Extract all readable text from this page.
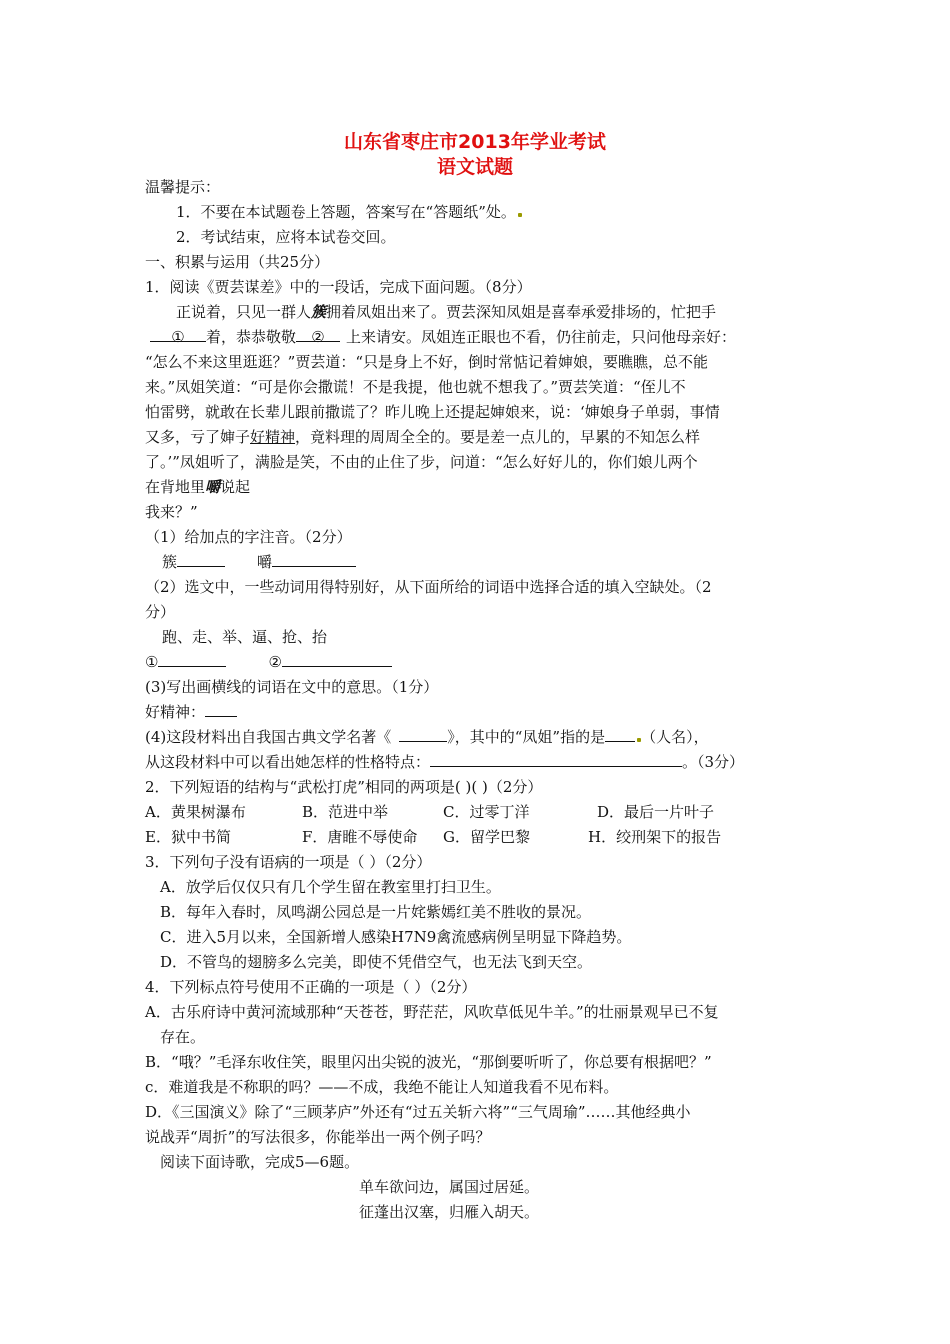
山东省枣庄市2013年学业考试
语文试题
温馨提示：
1．不要在本试题卷上答题，答案写在“答题纸”处。
2．考试结束，应将本试卷交回。
一、积累与运用（共25分）
1．阅读《贾芸谋差》中的一段话，完成下面问题。（8分）
正说着，只见一群人簇拥着凤姐出来了。贾芸深知凤姐是喜奉承爱排场的，忙把手
① 着，恭恭敬敬 ② 上来请安。凤姐连正眼也不看，仍往前走，只问他母亲好：
“怎么不来这里逛逛？”贾芸道：“只是身上不好，倒时常惦记着婶娘，要瞧瞧，总不能
来。”凤姐笑道：“可是你会撒谎！不是我提，他也就不想我了。”贾芸笑道：“侄儿不
怕雷劈，就敢在长辈儿跟前撒谎了？昨儿晚上还提起婶娘来，说：‘婶娘身子单弱，事情
又多，亏了婶子好精神，竟料理的周周全全的。要是差一点儿的，早累的不知怎么样
了。’”凤姐听了，满脸是笑，不由的止住了步，问道：“怎么好好儿的，你们娘儿两个
在背地里嚼说起
我来？”
（1）给加点的字注音。（2分）
簇	嚼
（2）选文中，一些动词用得特别好，从下面所给的词语中选择合适的填入空缺处。（2
分）
跑、走、举、逼、抢、抬
①	②
(3)写出画横线的词语在文中的意思。（1分）
好精神：
(4)这段材料出自我国古典文学名著《	》，其中的“凤姐”指的是 （人名），
从这段材料中可以看出她怎样的性格特点：	。（3分）
2．下列短语的结构与“武松打虎”相同的两项是( )( )（2分）
A．黄果树瀑布	B．范进中举	C．过零丁洋	D．最后一片叶子
E．狱中书简	F．唐睢不辱使命 G．留学巴黎	H．绞刑架下的报告
3．下列句子没有语病的一项是（ ）（2分）
A．放学后仅仅只有几个学生留在教室里打扫卫生。
B．每年入春时，凤鸣湖公园总是一片姹紫嫣红美不胜收的景况。
C．进入5月以来，全国新增人感染H7N9禽流感病例呈明显下降趋势。
D．不管鸟的翅膀多么完美，即使不凭借空气，也无法飞到天空。
4．下列标点符号使用不正确的一项是（ ）（2分）
A．古乐府诗中黄河流域那种“天苍苍，野茫茫，风吹草低见牛羊。”的壮丽景观早已不复
存在。
B．“哦？”毛泽东收住笑，眼里闪出尖锐的波光，“那倒要听听了，你总要有根据吧？”
c．难道我是不称职的吗？——不成，我绝不能让人知道我看不见布料。
D．《三国演义》除了“三顾茅庐”外还有“过五关斩六将”“三气周瑜”……其他经典小
说战弄“周折”的写法很多，你能举出一两个例子吗？
阅读下面诗歌，完成5—6题。
单车欲问边，属国过居延。
征蓬出汉塞，归雁入胡天。
